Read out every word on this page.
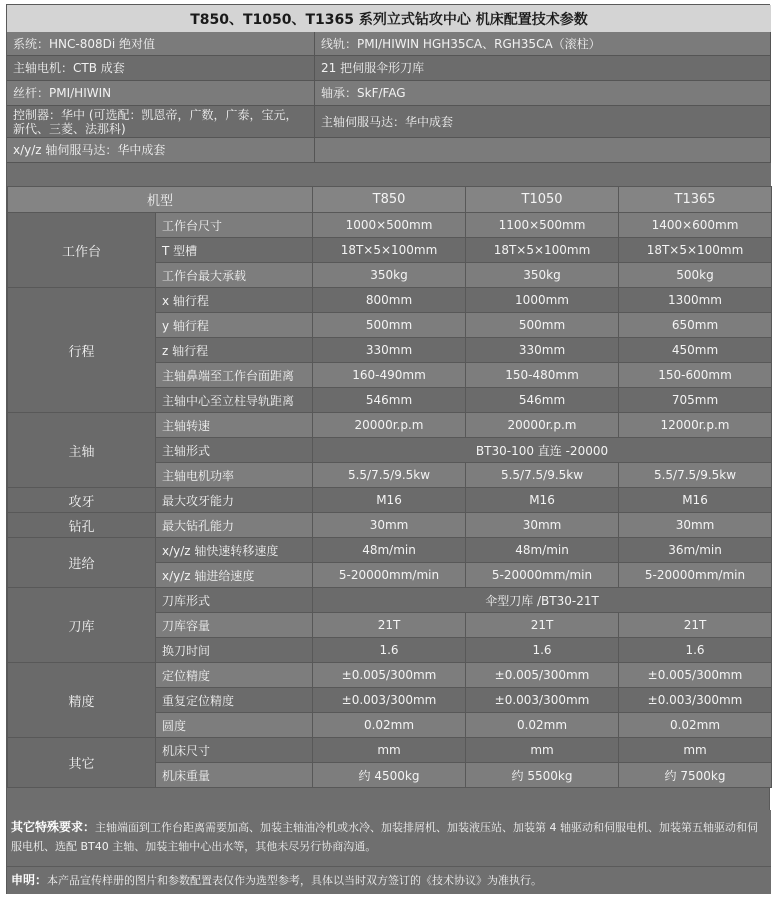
T850、T1050、T1365 系列立式钻攻中心 机床配置技术参数
系统：HNC-808Di 绝对值	线轨：PMI/HIWIN HGH35CA、RGH35CA（滚柱）
主轴电机：CTB 成套	21 把伺服伞形刀库
丝杆：PMI/HIWIN	轴承：SkF/FAG
控制器：华中 (可选配：凯恩帝，广数，广泰，宝元，新代、三菱、法那科)	主轴伺服马达：华中成套
x/y/z 轴伺服马达：华中成套
机型		T850	T1050	T1365
工作台	工作台尺寸	1000×500mm	1100×500mm	1400×600mm
	T 型槽	18T×5×100mm	18T×5×100mm	18T×5×100mm
	工作台最大承载	350kg	350kg	500kg
行程	x 轴行程	800mm	1000mm	1300mm
	y 轴行程	500mm	500mm	650mm
	z 轴行程	330mm	330mm	450mm
	主轴鼻端至工作台面距离	160-490mm	150-480mm	150-600mm
	主轴中心至立柱导轨距离	546mm	546mm	705mm
主轴	主轴转速	20000r.p.m	20000r.p.m	12000r.p.m
	主轴形式	BT30-100 直连 -20000		
	主轴电机功率	5.5/7.5/9.5kw	5.5/7.5/9.5kw	5.5/7.5/9.5kw
攻牙	最大攻牙能力	M16	M16	M16
钻孔	最大钻孔能力	30mm	30mm	30mm
进给	x/y/z 轴快速转移速度	48m/min	48m/min	36m/min
	x/y/z 轴进给速度	5-20000mm/min	5-20000mm/min	5-20000mm/min
刀库	刀库形式	伞型刀库 /BT30-21T		
	刀库容量	21T	21T	21T
	换刀时间	1.6	1.6	1.6
精度	定位精度	±0.005/300mm	±0.005/300mm	±0.005/300mm
	重复定位精度	±0.003/300mm	±0.003/300mm	±0.003/300mm
	圆度	0.02mm	0.02mm	0.02mm
其它	机床尺寸	mm	mm	mm
	机床重量	约 4500kg	约 5500kg	约 7500kg
其它特殊要求：主轴端面到工作台距离需要加高、加装主轴油冷机或水冷、加装排屑机、加装液压站、加装第 4 轴驱动和伺服电机、加装第五轴驱动和伺服电机、选配 BT40 主轴、加装主轴中心出水等，其他未尽另行协商沟通。
申明： 本产品宣传样册的图片和参数配置表仅作为选型参考，具体以当时双方签订的《技术协议》为准执行。
